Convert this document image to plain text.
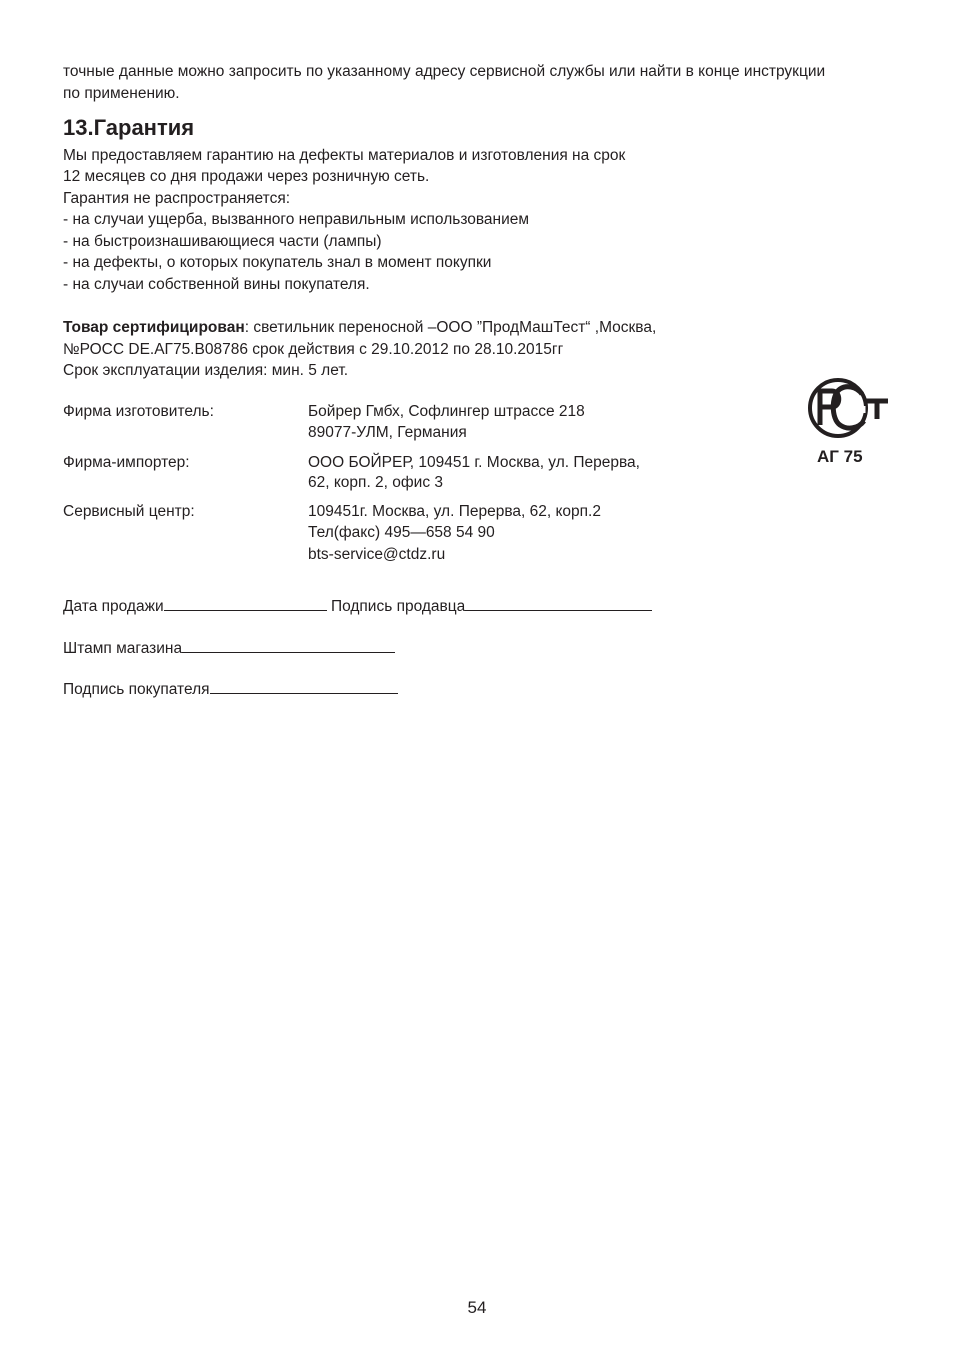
точные данные можно запросить по указанному адресу сервисной службы или найти в конце инструкции
по применению.
13.Гарантия
Мы предоставляем гарантию на дефекты материалов и изготовления на срок
12 месяцев со дня продажи через розничную сеть.
Гарантия не распространяется:
- на случаи ущерба, вызванного неправильным использованием
- на быстроизнашивающиеся части (лампы)
- на дефекты, о которых покупатель знал в момент покупки
- на случаи собственной вины покупателя.
Товар сертифицирован: светильник переносной –ООО ”ПродМашТест“ ,Москва,
№РОСС DE.АГ75.В08786 срок действия с 29.10.2012 по 28.10.2015гг
Срок эксплуатации изделия: мин. 5 лет.
Фирма изготовитель:	Бойрер Гмбх, Софлингер штрассе 218
89077-УЛМ, Германия
Фирма-импортер:	ООО БОЙРЕР, 109451 г. Москва, ул. Перерва,
62, корп. 2, офис 3
Сервисный центр:	109451г. Москва, ул. Перерва, 62, корп.2
Тел(факс) 495—658 54 90
bts-service@ctdz.ru
АГ 75
Дата продажи	Подпись продавца
Штамп магазина
Подпись покупателя
54
